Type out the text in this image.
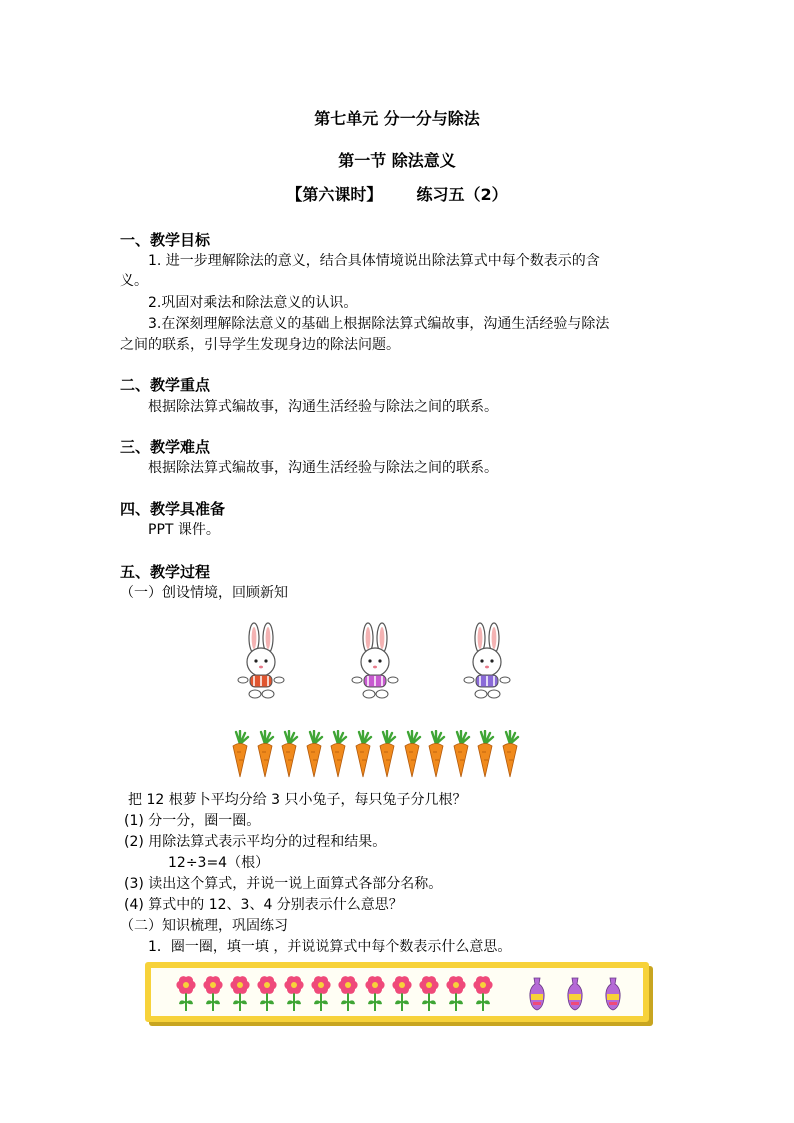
第七单元 分一分与除法
第一节 除法意义
【第六课时】 练习五（2）
一、教学目标
1. 进一步理解除法的意义，结合具体情境说出除法算式中每个数表示的含
义。
2.巩固对乘法和除法意义的认识。
3.在深刻理解除法意义的基础上根据除法算式编故事，沟通生活经验与除法
之间的联系，引导学生发现身边的除法问题。
二、教学重点
根据除法算式编故事，沟通生活经验与除法之间的联系。
三、教学难点
根据除法算式编故事，沟通生活经验与除法之间的联系。
四、教学具准备
PPT 课件。
五、教学过程
（一）创设情境，回顾新知
把 12 根萝卜平均分给 3 只小兔子，每只兔子分几根？
(1) 分一分，圈一圈。
(2) 用除法算式表示平均分的过程和结果。
12÷3=4（根）
(3) 读出这个算式，并说一说上面算式各部分名称。
(4) 算式中的 12、3、4 分别表示什么意思？
（二）知识梳理，巩固练习
1．圈一圈，填一填 ，并说说算式中每个数表示什么意思。
